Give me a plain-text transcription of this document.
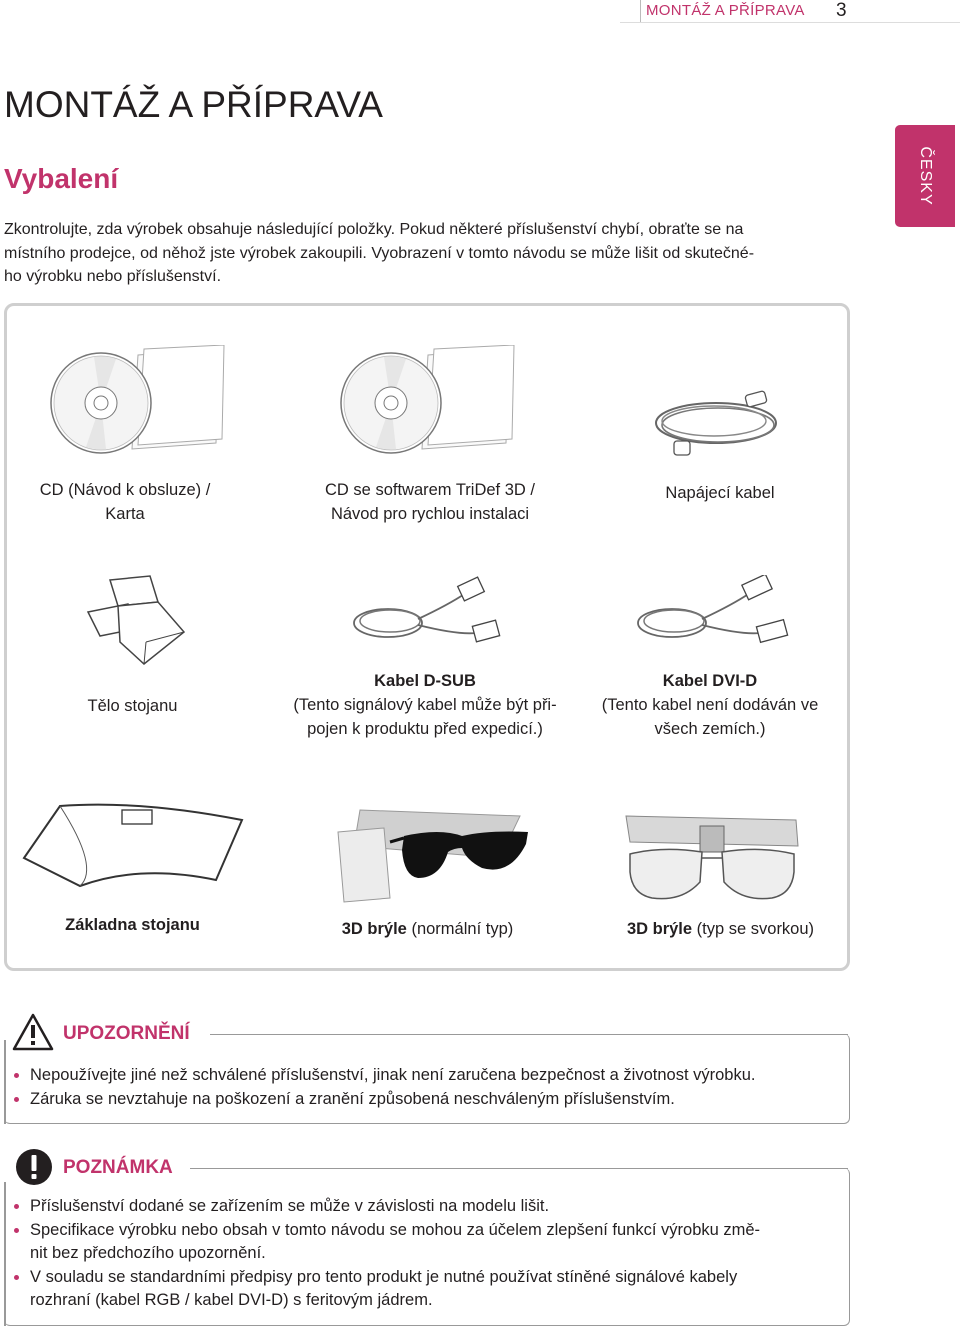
MONTÁŽ A PŘÍPRAVA 3
ČESKY
MONTÁŽ A PŘÍPRAVA
Vybalení
Zkontrolujte, zda výrobek obsahuje následující položky. Pokud některé příslušenství chybí, obraťte se na
místního prodejce, od něhož jste výrobek zakoupili. Vyobrazení v tomto návodu se může lišit od skutečné-
ho výrobku nebo příslušenství.
CD (Návod k obsluze) /
Karta
CD se softwarem TriDef 3D /
Návod pro rychlou instalaci
Napájecí kabel
Tělo stojanu
Kabel D-SUB
(Tento signálový kabel může být při-
pojen k produktu před expedicí.)
Kabel DVI-D
(Tento kabel není dodáván ve
všech zemích.)
Základna stojanu	3D brýle (normální typ)	3D brýle (typ se svorkou)
UPOZORNĚNÍ
Nepoužívejte jiné než schválené příslušenství, jinak není zaručena bezpečnost a životnost výrobku.
Záruka se nevztahuje na poškození a zranění způsobená neschváleným příslušenstvím.
POZNÁMKA
Příslušenství dodané se zařízením se může v závislosti na modelu lišit.
Specifikace výrobku nebo obsah v tomto návodu se mohou za účelem zlepšení funkcí výrobku změ-
nit bez předchozího upozornění.
V souladu se standardními předpisy pro tento produkt je nutné používat stíněné signálové kabely
rozhraní (kabel RGB / kabel DVI-D) s feritovým jádrem.
